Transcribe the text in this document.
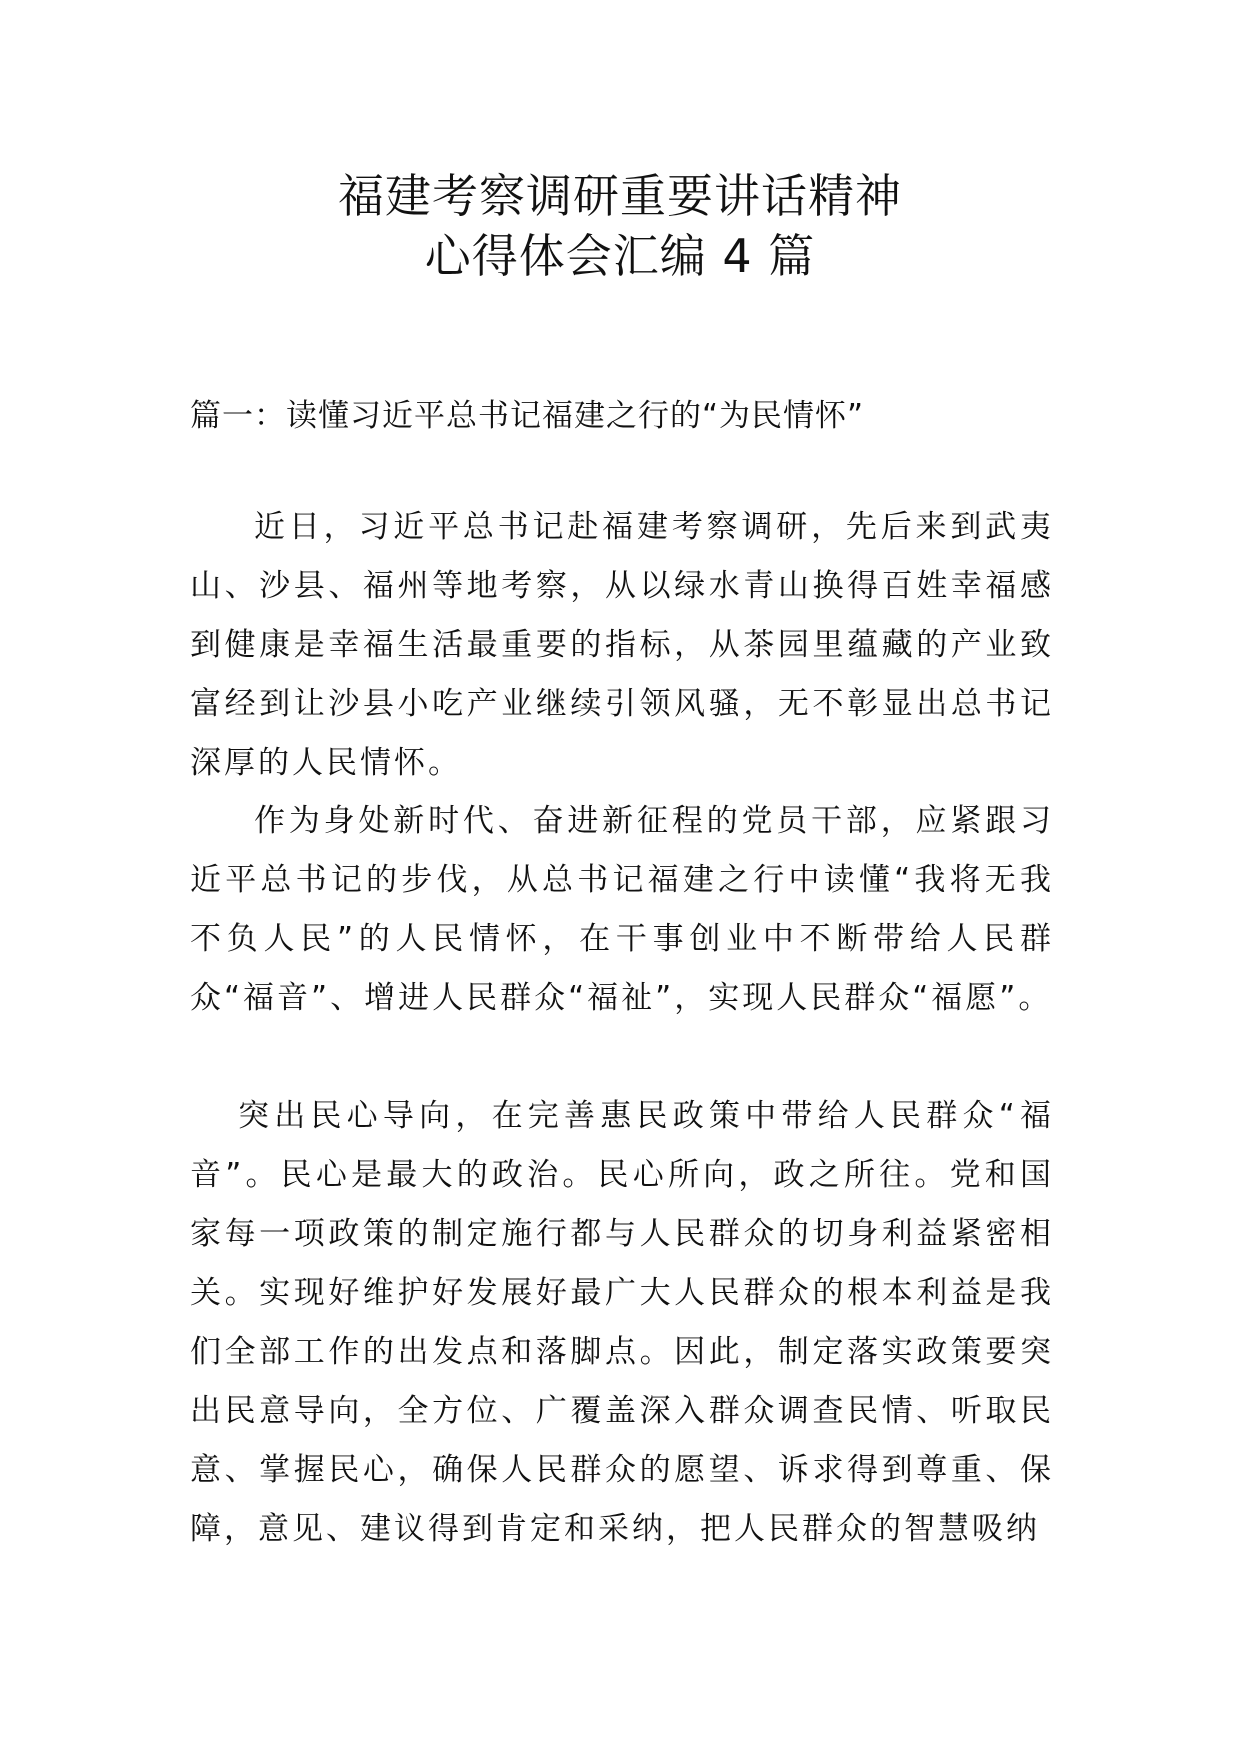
福建考察调研重要讲话精神
心得体会汇编 4 篇
篇一：读懂习近平总书记福建之行的“为民情怀”

近日，习近平总书记赴福建考察调研，先后来到武夷山、沙县、福州等地考察，从以绿水青山换得百姓幸福感到健康是幸福生活最重要的指标，从茶园里蕴藏的产业致富经到让沙县小吃产业继续引领风骚，无不彰显出总书记深厚的人民情怀。

作为身处新时代、奋进新征程的党员干部，应紧跟习近平总书记的步伐，从总书记福建之行中读懂“我将无我不负人民”的人民情怀，在干事创业中不断带给人民群众“福音”、增进人民群众“福祉”，实现人民群众“福愿”。

突出民心导向，在完善惠民政策中带给人民群众“福音”。民心是最大的政治。民心所向，政之所往。党和国家每一项政策的制定施行都与人民群众的切身利益紧密相关。实现好维护好发展好最广大人民群众的根本利益是我们全部工作的出发点和落脚点。因此，制定落实政策要突出民意导向，全方位、广覆盖深入群众调查民情、听取民意、掌握民心，确保人民群众的愿望、诉求得到尊重、保障，意见、建议得到肯定和采纳，把人民群众的智慧吸纳
